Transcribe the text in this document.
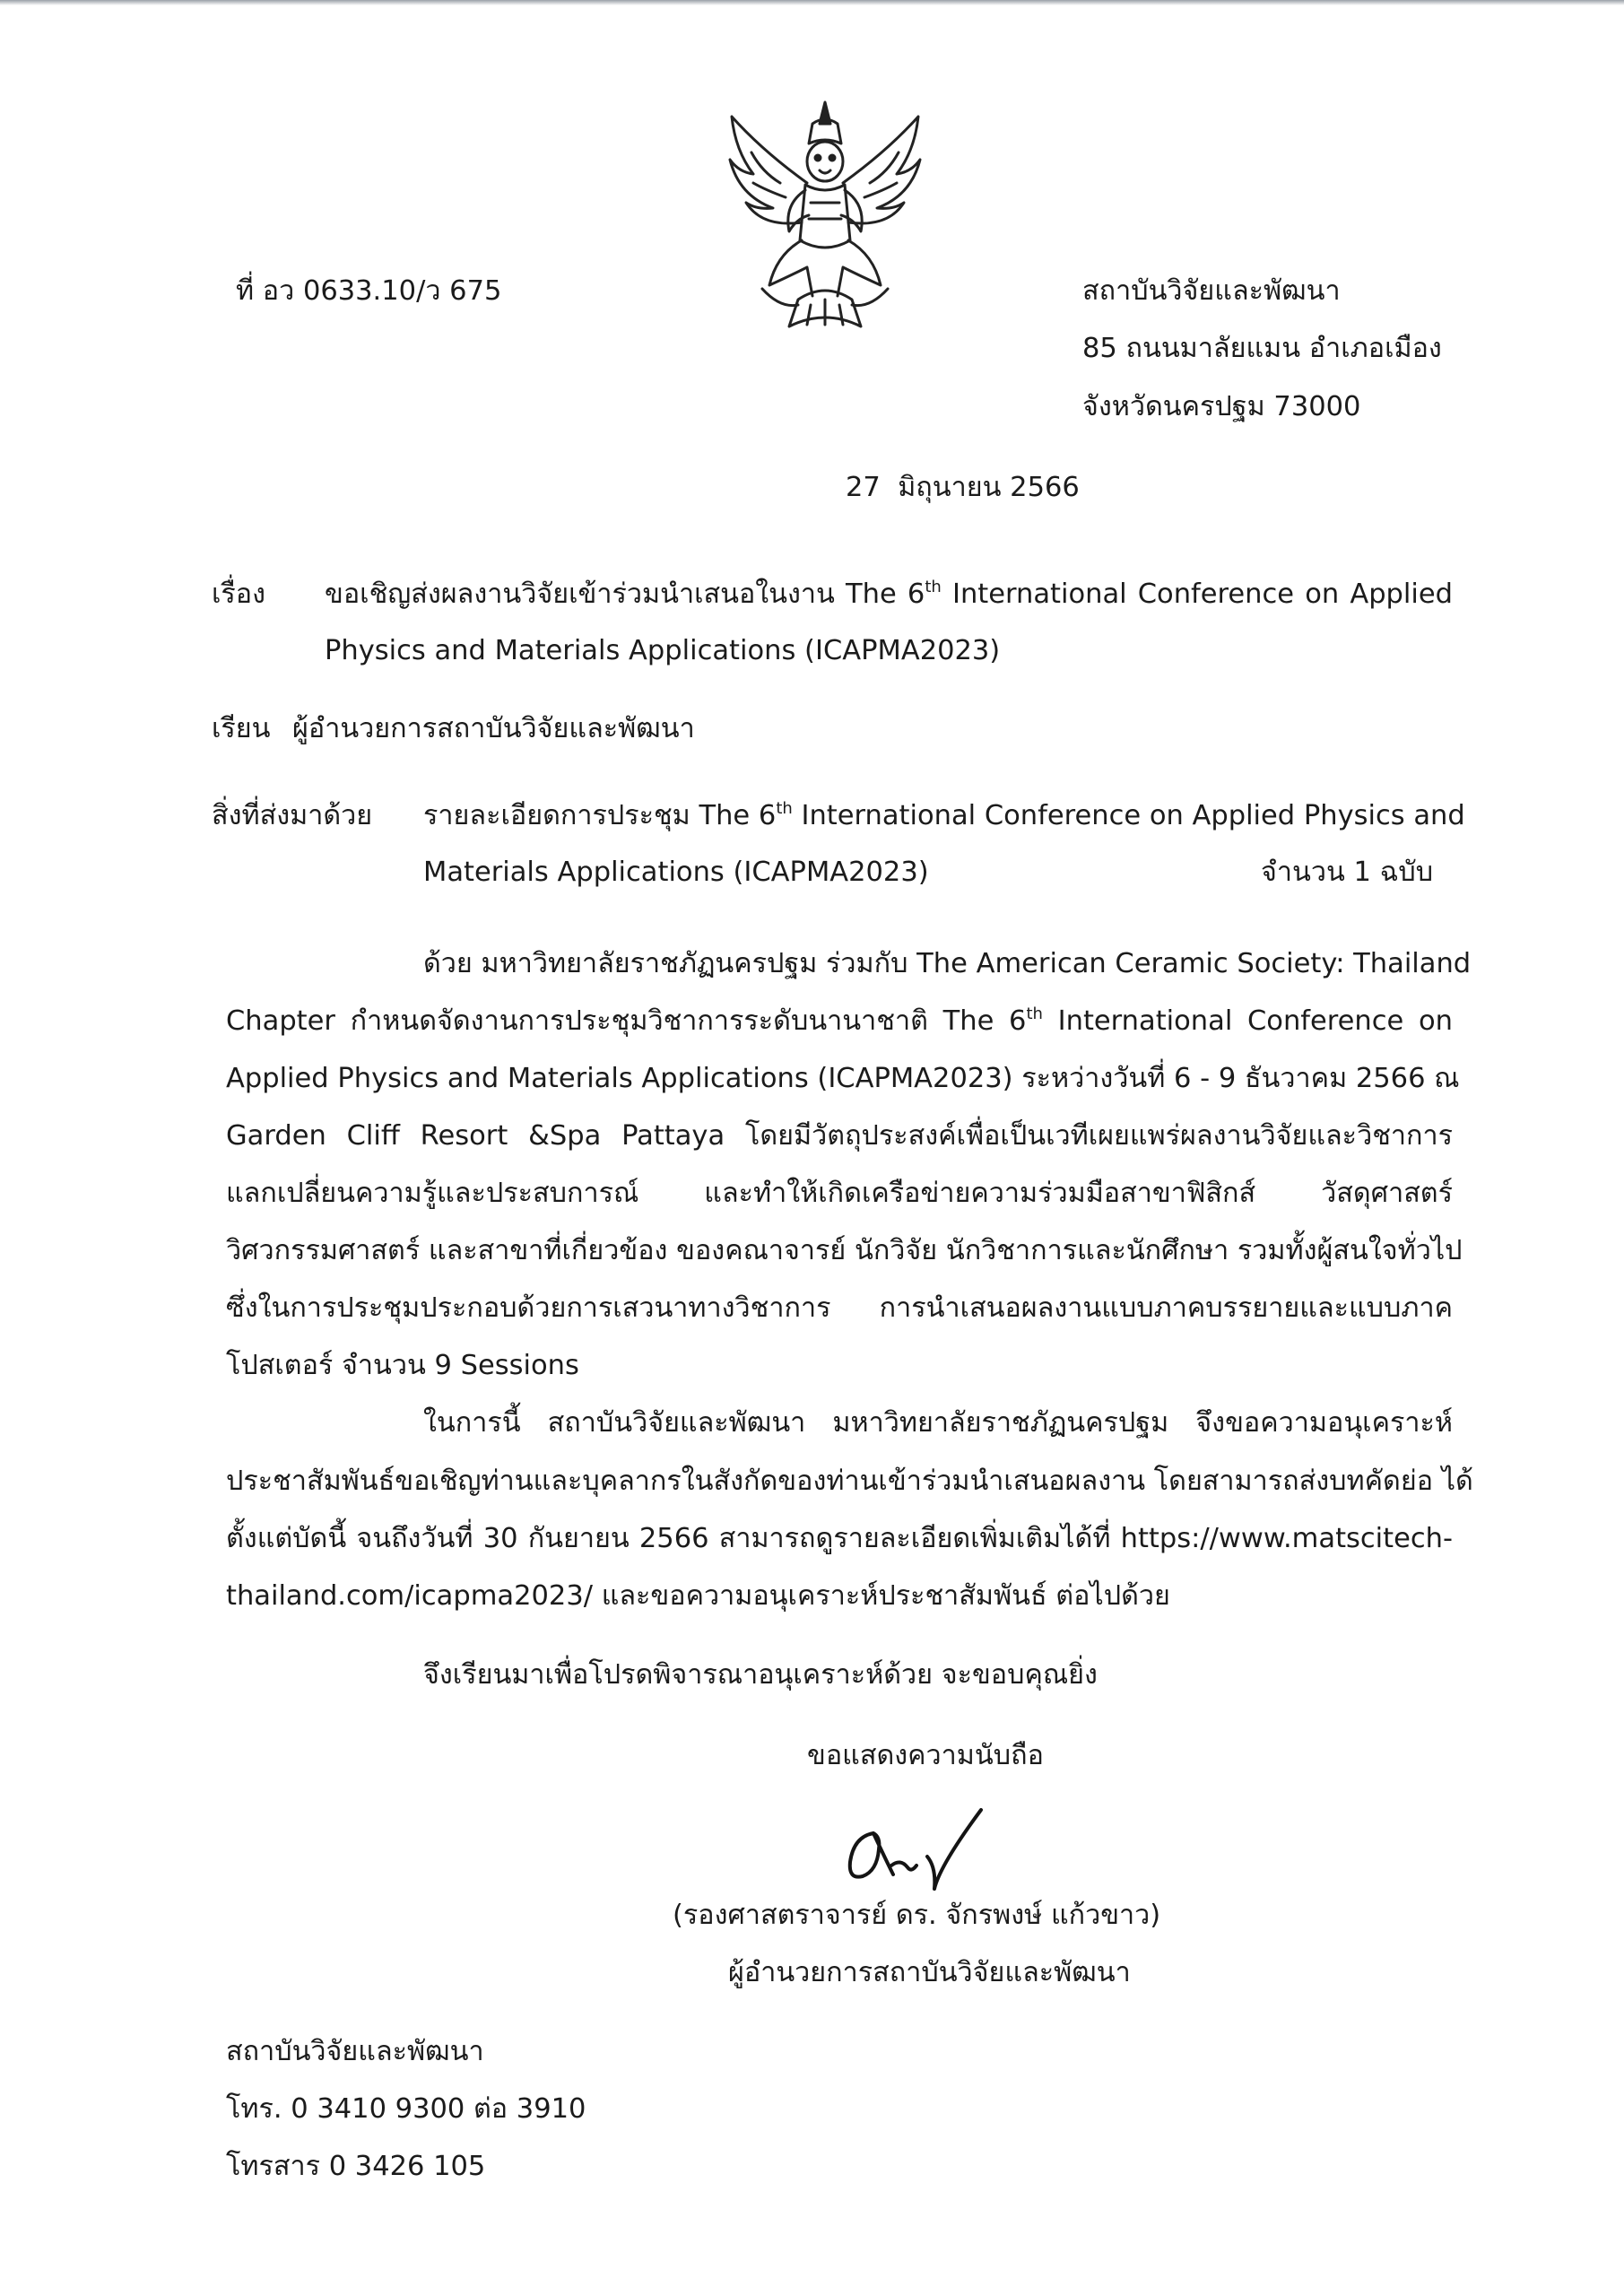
ที่ อว 0633.10/ว 675	สถาบันวิจัยและพัฒนา
85 ถนนมาลัยแมน อำเภอเมือง
จังหวัดนครปฐม 73000
27 มิถุนายน 2566
เรื่อง ขอเชิญส่งผลงานวิจัยเข้าร่วมนำเสนอในงาน The 6th International Conference on Applied
Physics and Materials Applications (ICAPMA2023)
เรียน ผู้อำนวยการสถาบันวิจัยและพัฒนา
สิ่งที่ส่งมาด้วย รายละเอียดการประชุม The 6th International Conference on Applied Physics and
Materials Applications (ICAPMA2023)	จำนวน 1 ฉบับ
ด้วย มหาวิทยาลัยราชภัฏนครปฐม ร่วมกับ The American Ceramic Society: Thailand
Chapter กำหนดจัดงานการประชุมวิชาการระดับนานาชาติ The 6th International Conference on
Applied Physics and Materials Applications (ICAPMA2023) ระหว่างวันที่ 6 - 9 ธันวาคม 2566 ณ
Garden Cliff Resort &Spa Pattaya โดยมีวัตถุประสงค์เพื่อเป็นเวทีเผยแพร่ผลงานวิจัยและวิชาการ
แลกเปลี่ยนความรู้และประสบการณ์ และทำให้เกิดเครือข่ายความร่วมมือสาขาฟิสิกส์ วัสดุศาสตร์
วิศวกรรมศาสตร์ และสาขาที่เกี่ยวข้อง ของคณาจารย์ นักวิจัย นักวิชาการและนักศึกษา รวมทั้งผู้สนใจทั่วไป
ซึ่งในการประชุมประกอบด้วยการเสวนาทางวิชาการ การนำเสนอผลงานแบบภาคบรรยายและแบบภาค
โปสเตอร์ จำนวน 9 Sessions
ในการนี้ สถาบันวิจัยและพัฒนา มหาวิทยาลัยราชภัฏนครปฐม จึงขอความอนุเคราะห์
ประชาสัมพันธ์ขอเชิญท่านและบุคลากรในสังกัดของท่านเข้าร่วมนำเสนอผลงาน โดยสามารถส่งบทคัดย่อ ได้
ตั้งแต่บัดนี้ จนถึงวันที่ 30 กันยายน 2566 สามารถดูรายละเอียดเพิ่มเติมได้ที่ https://www.matscitech-
thailand.com/icapma2023/ และขอความอนุเคราะห์ประชาสัมพันธ์ ต่อไปด้วย
จึงเรียนมาเพื่อโปรดพิจารณาอนุเคราะห์ด้วย จะขอบคุณยิ่ง
ขอแสดงความนับถือ
(รองศาสตราจารย์ ดร. จักรพงษ์ แก้วขาว)
ผู้อำนวยการสถาบันวิจัยและพัฒนา
สถาบันวิจัยและพัฒนา
โทร. 0 3410 9300 ต่อ 3910
โทรสาร 0 3426 105
